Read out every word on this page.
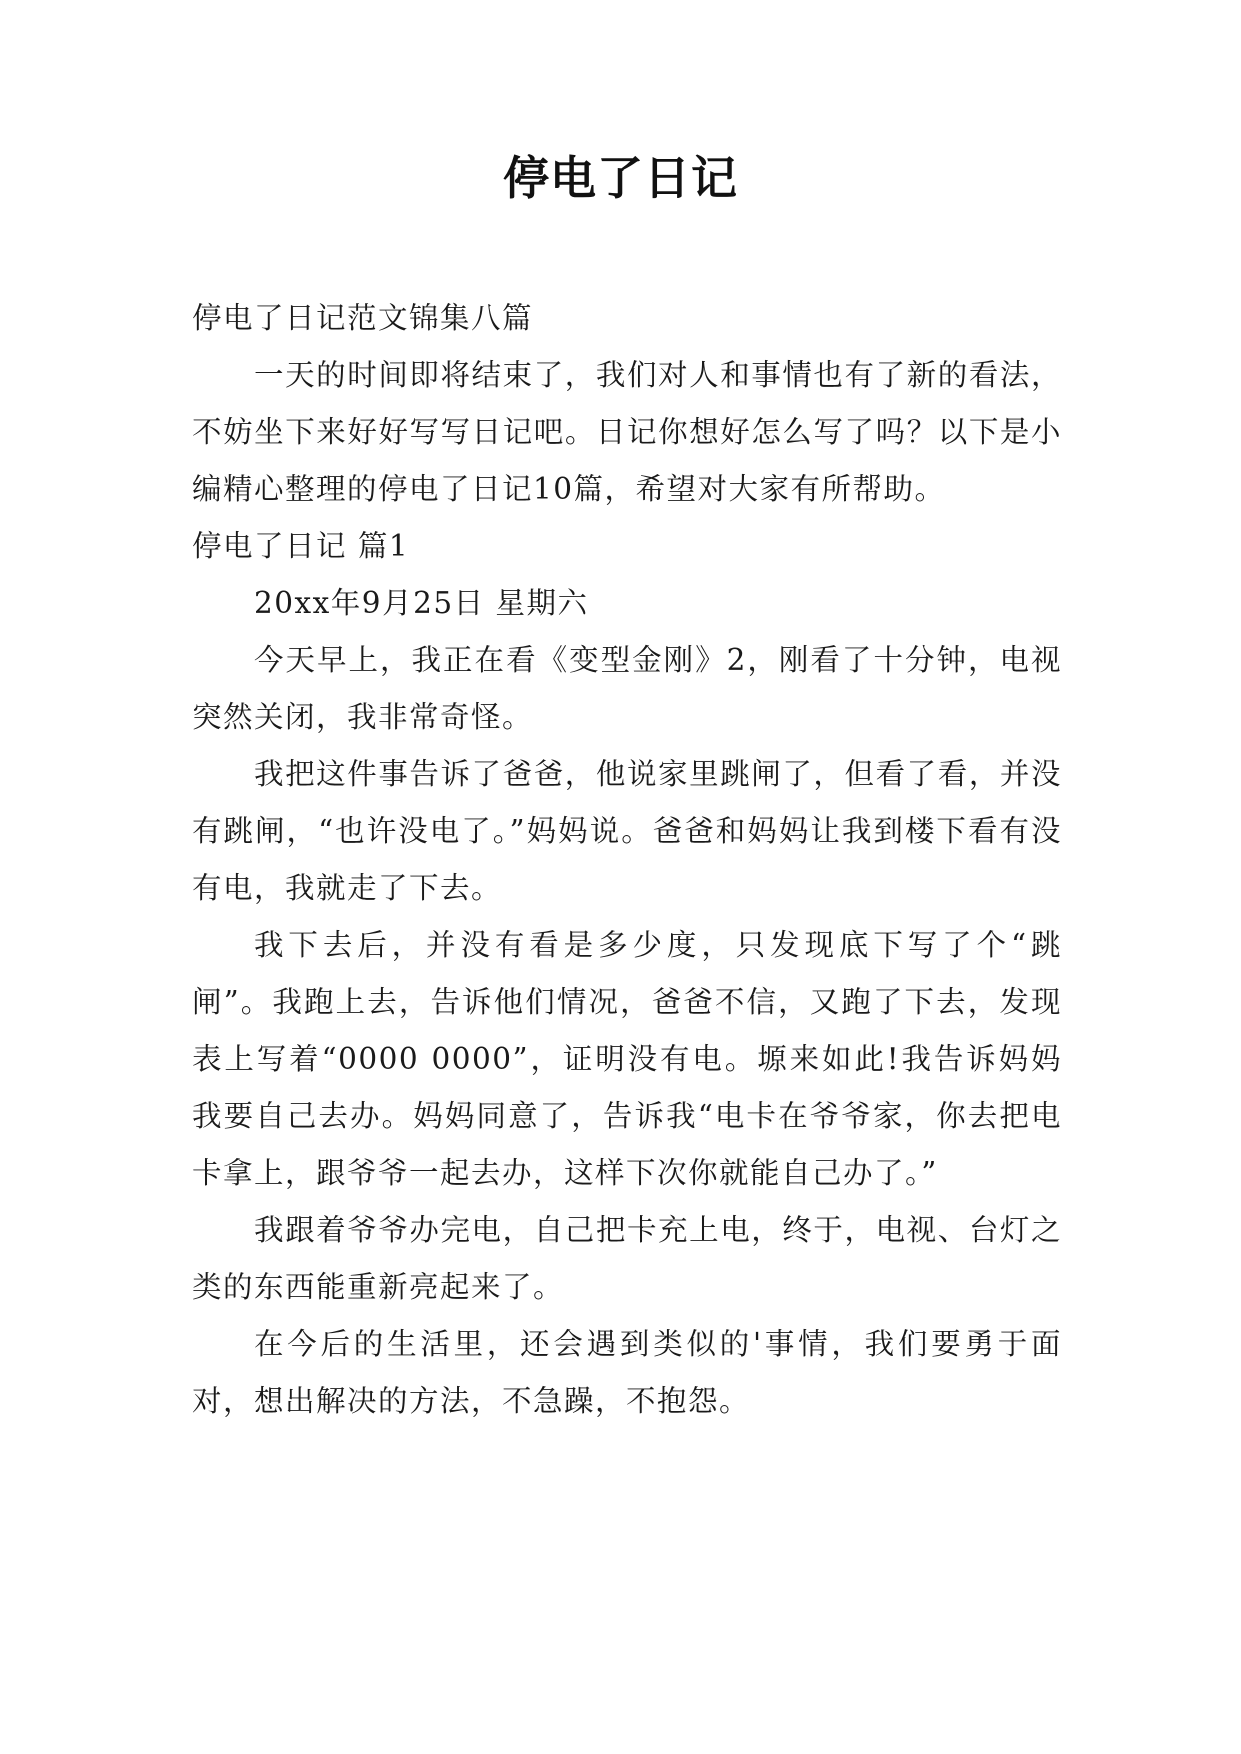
停电了日记

停电了日记范文锦集八篇

一天的时间即将结束了，我们对人和事情也有了新的看法，不妨坐下来好好写写日记吧。日记你想好怎么写了吗？以下是小编精心整理的停电了日记10篇，希望对大家有所帮助。

停电了日记 篇1

20xx年9月25日 星期六

今天早上，我正在看《变型金刚》2，刚看了十分钟，电视突然关闭，我非常奇怪。

我把这件事告诉了爸爸，他说家里跳闸了，但看了看，并没有跳闸，“也许没电了。”妈妈说。爸爸和妈妈让我到楼下看有没有电，我就走了下去。

我下去后，并没有看是多少度，只发现底下写了个“跳闸”。我跑上去，告诉他们情况，爸爸不信，又跑了下去，发现表上写着“0000 0000”，证明没有电。塬来如此!我告诉妈妈我要自己去办。妈妈同意了，告诉我“电卡在爷爷家，你去把电卡拿上，跟爷爷一起去办，这样下次你就能自己办了。”

我跟着爷爷办完电，自己把卡充上电，终于，电视、台灯之类的东西能重新亮起来了。

在今后的生活里，还会遇到类似的'事情，我们要勇于面对，想出解决的方法，不急躁，不抱怨。
